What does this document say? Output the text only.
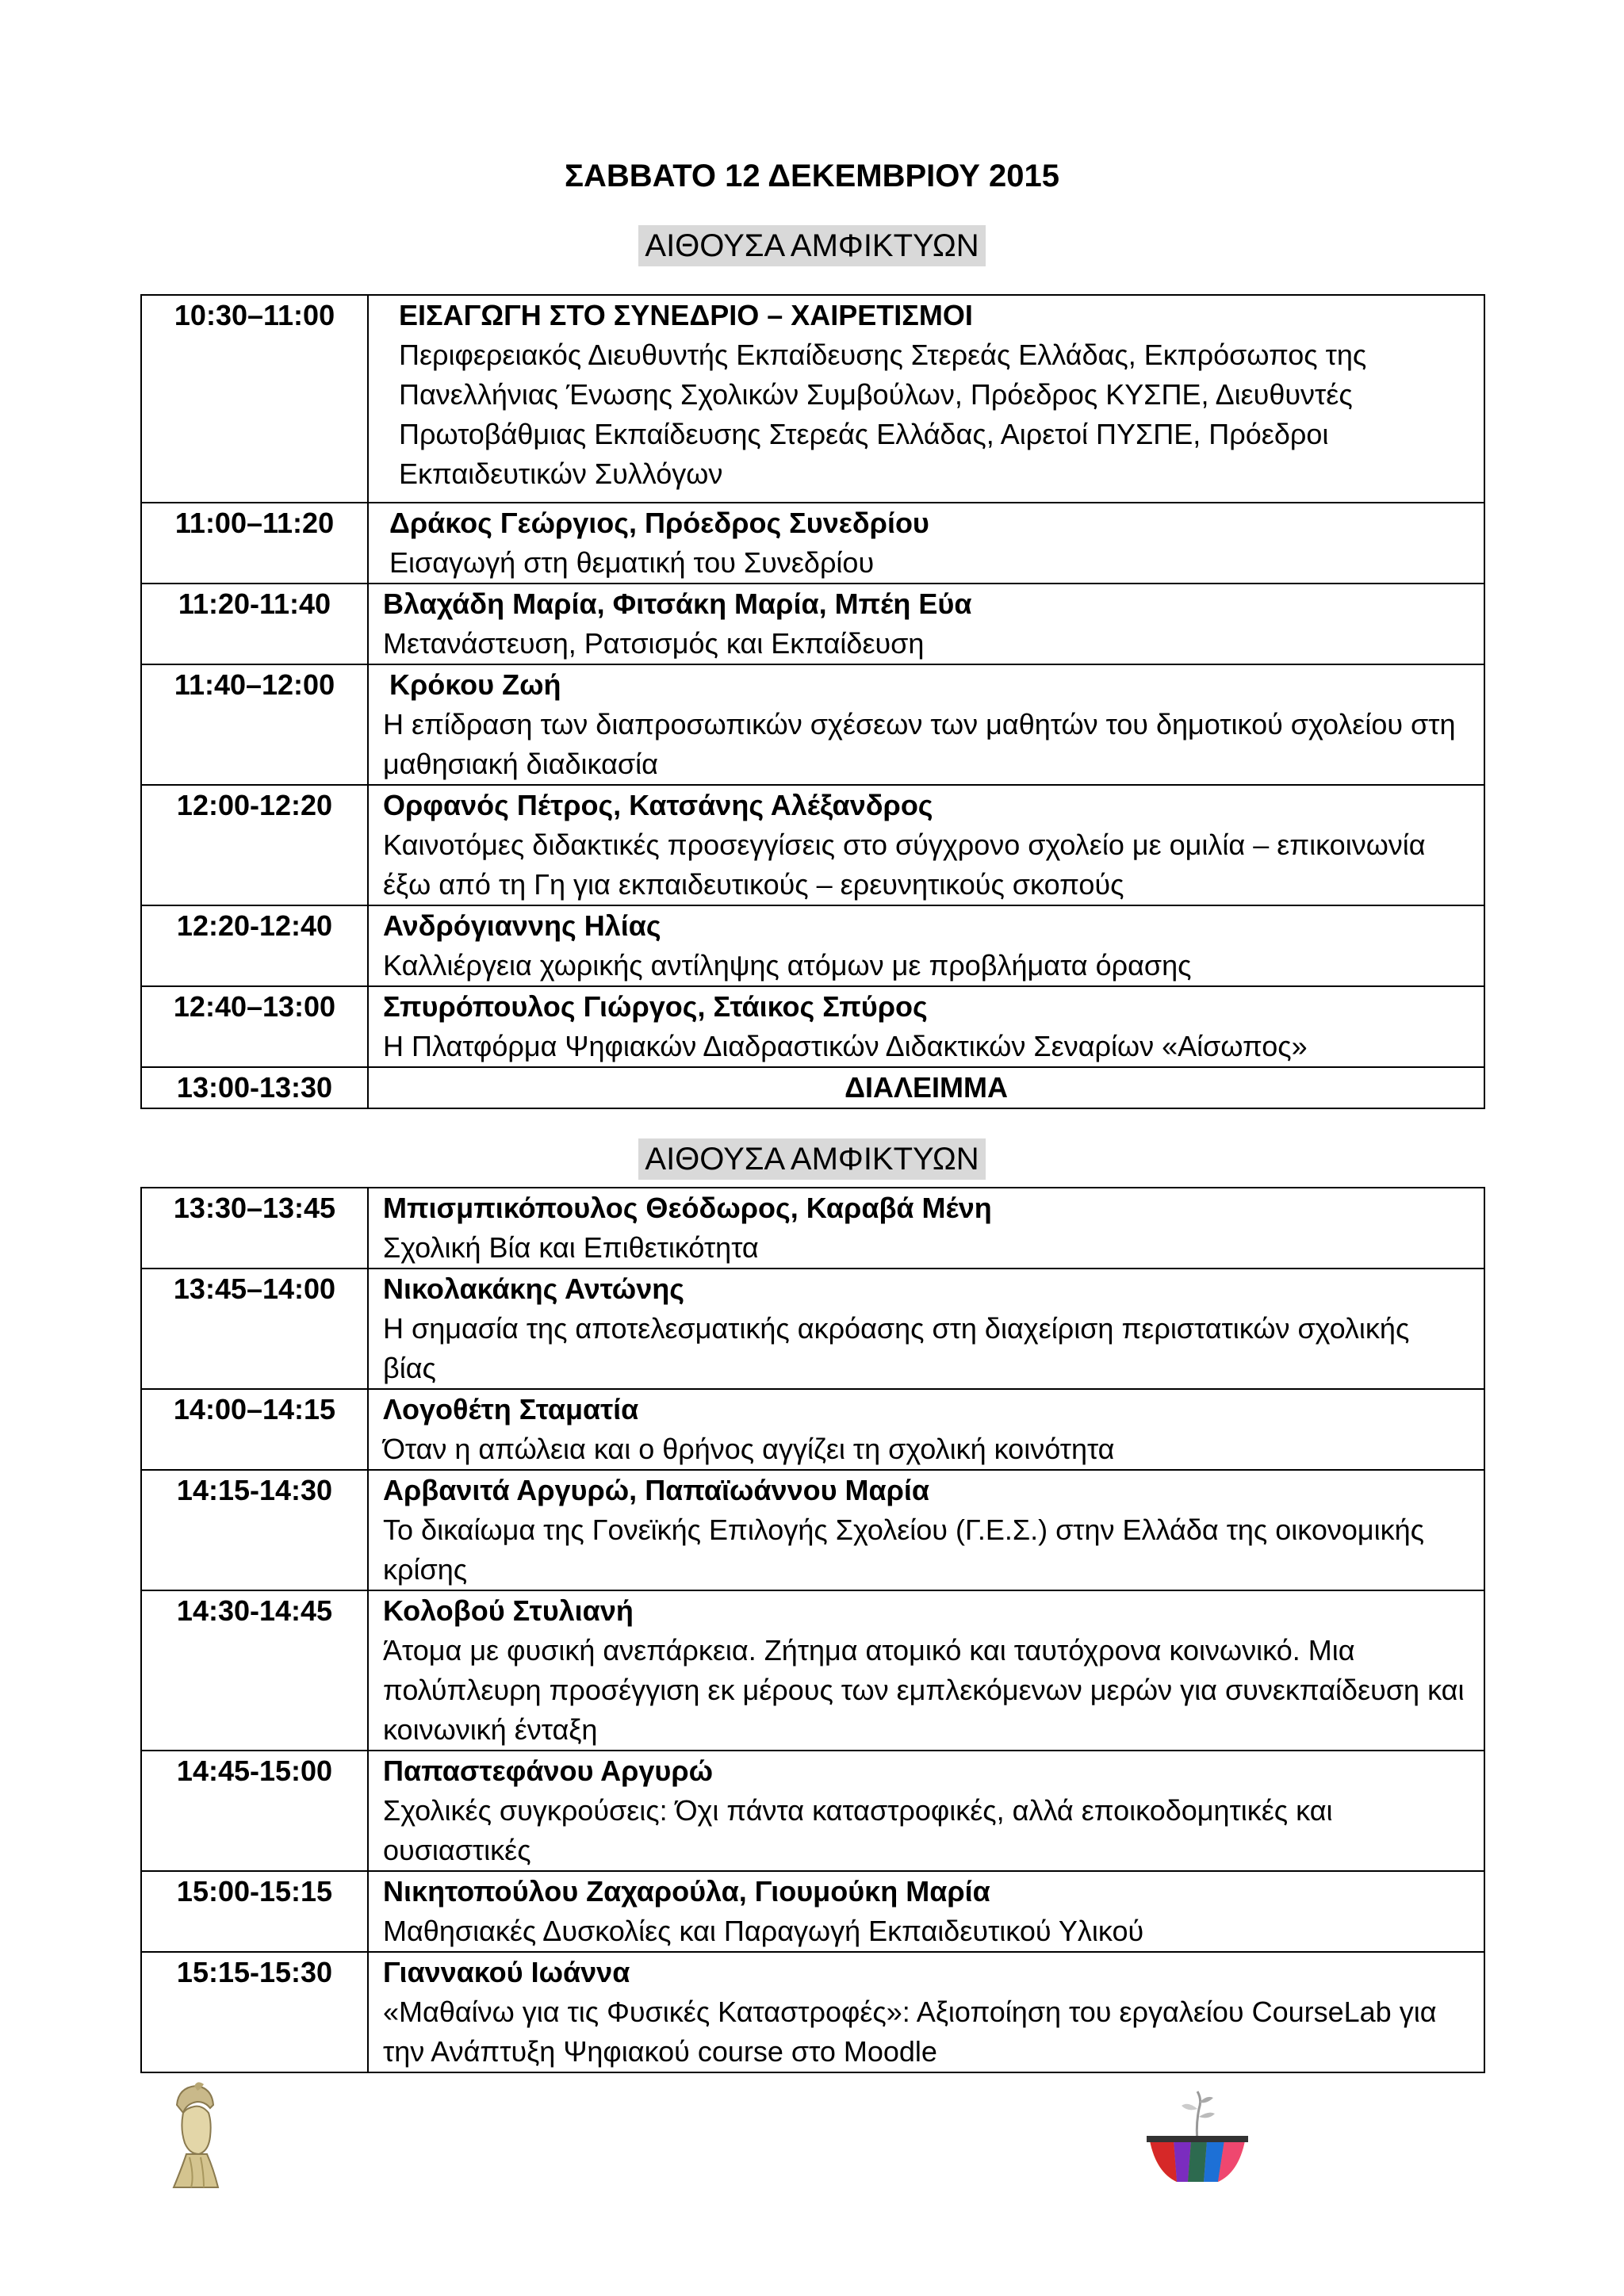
ΣΑΒΒΑΤΟ 12 ΔΕΚΕΜΒΡΙΟΥ 2015
ΑΙΘΟΥΣΑ ΑΜΦΙΚΤΥΩΝ
10:30–11:00	ΕΙΣΑΓΩΓΗ ΣΤΟ ΣΥΝΕΔΡΙΟ – ΧΑΙΡΕΤΙΣΜΟΙ
Περιφερειακός Διευθυντής Εκπαίδευσης Στερεάς Ελλάδας, Εκπρόσωπος της Πανελλήνιας Ένωσης Σχολικών Συμβούλων, Πρόεδρος ΚΥΣΠΕ, Διευθυντές Πρωτοβάθμιας Εκπαίδευσης Στερεάς Ελλάδας, Αιρετοί ΠΥΣΠΕ, Πρόεδροι Εκπαιδευτικών Συλλόγων

11:00–11:20	Δράκος Γεώργιος, Πρόεδρος Συνεδρίου
Εισαγωγή στη θεματική του Συνεδρίου

11:20-11:40	Βλαχάδη Μαρία, Φιτσάκη Μαρία, Μπέη Εύα
Μετανάστευση, Ρατσισμός και Εκπαίδευση

11:40–12:00	Κρόκου Ζωή
Η επίδραση των διαπροσωπικών σχέσεων των μαθητών του δημοτικού σχολείου στη μαθησιακή διαδικασία

12:00-12:20	Ορφανός Πέτρος, Κατσάνης Αλέξανδρος
Καινοτόμες διδακτικές προσεγγίσεις στο σύγχρονο σχολείο με ομιλία – επικοινωνία έξω από τη Γη για εκπαιδευτικούς – ερευνητικούς σκοπούς

12:20-12:40	Ανδρόγιαννης Ηλίας
Καλλιέργεια χωρικής αντίληψης ατόμων με προβλήματα όρασης

12:40–13:00	Σπυρόπουλος Γιώργος, Στάικος Σπύρος
Η Πλατφόρμα Ψηφιακών Διαδραστικών Διδακτικών Σεναρίων «Αίσωπος»

13:00-13:30	ΔΙΑΛΕΙΜΜΑ
ΑΙΘΟΥΣΑ ΑΜΦΙΚΤΥΩΝ
13:30–13:45	Μπισμπικόπουλος Θεόδωρος, Καραβά Μένη
Σχολική Βία και Επιθετικότητα

13:45–14:00	Νικολακάκης Αντώνης
Η σημασία της αποτελεσματικής ακρόασης στη διαχείριση περιστατικών σχολικής βίας

14:00–14:15	Λογοθέτη Σταματία
Όταν η απώλεια και ο θρήνος αγγίζει τη σχολική κοινότητα

14:15-14:30	Αρβανιτά Αργυρώ, Παπαϊωάννου Μαρία
Το δικαίωμα της Γονεϊκής Επιλογής Σχολείου (Γ.Ε.Σ.) στην Ελλάδα της οικονομικής κρίσης

14:30-14:45	Κολοβού Στυλιανή
Άτομα με φυσική ανεπάρκεια. Ζήτημα ατομικό και ταυτόχρονα κοινωνικό. Μια πολύπλευρη προσέγγιση εκ μέρους των εμπλεκόμενων μερών για συνεκπαίδευση και κοινωνική ένταξη

14:45-15:00	Παπαστεφάνου Αργυρώ
Σχολικές συγκρούσεις: Όχι πάντα καταστροφικές, αλλά εποικοδομητικές και ουσιαστικές

15:00-15:15	Νικητοπούλου Ζαχαρούλα, Γιουμούκη Μαρία
Μαθησιακές Δυσκολίες και Παραγωγή Εκπαιδευτικού Υλικού

15:15-15:30	Γιαννακού Ιωάννα
«Μαθαίνω για τις Φυσικές Καταστροφές»: Αξιοποίηση του εργαλείου CourseLab για την Ανάπτυξη Ψηφιακού course στο Moodle
